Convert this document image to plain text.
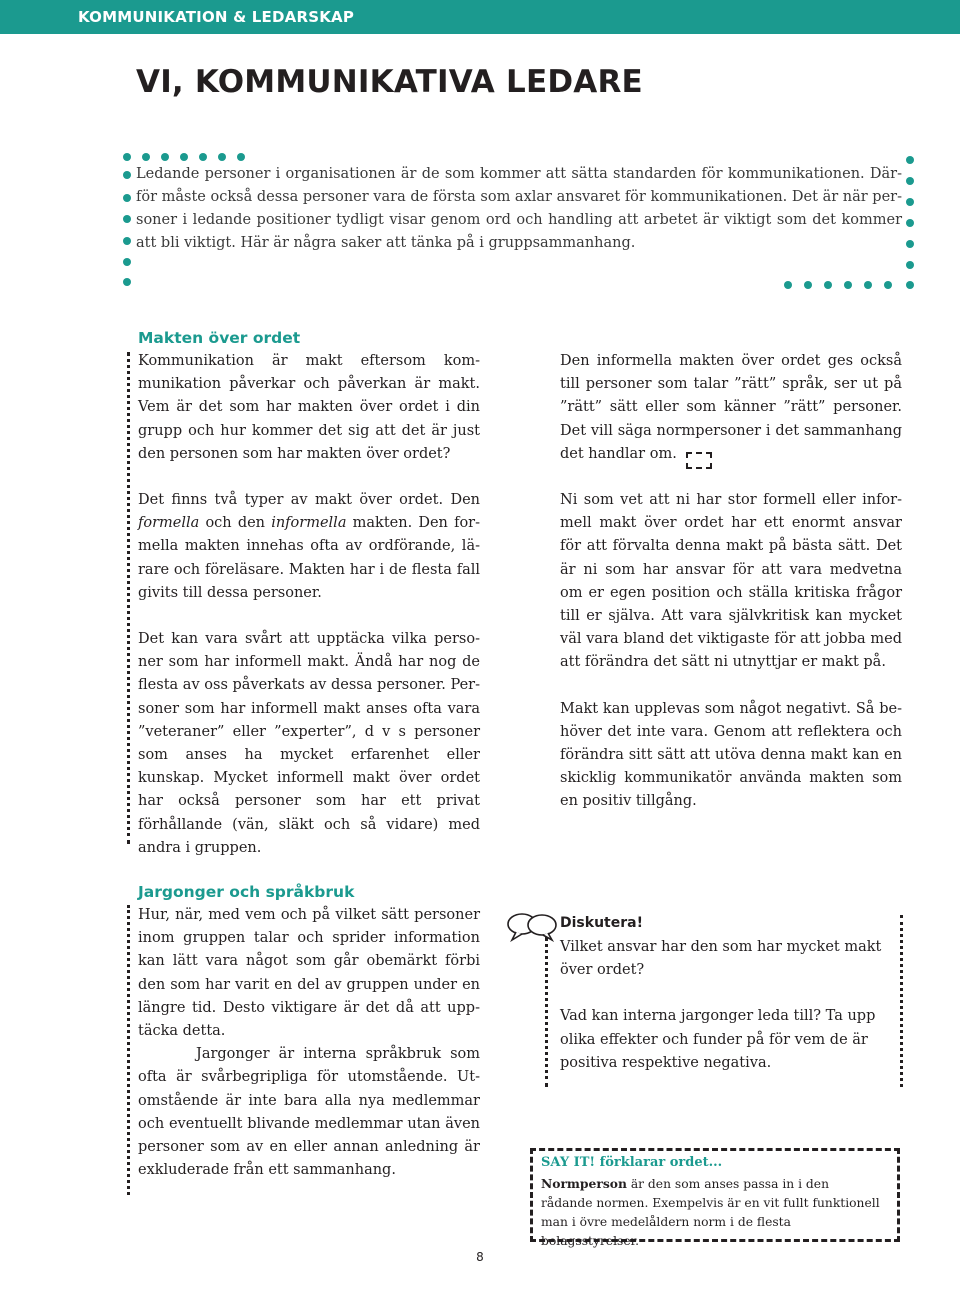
KOMMUNIKATION & LEDARSKAP
VI, KOMMUNIKATIVA LEDARE

Ledande personer i organisationen är de som kommer att sätta standarden för kommunikationen. Där-för måste också dessa personer vara de första som axlar ansvaret för kommunikationen. Det är när per-soner i ledande positioner tydligt visar genom ord och handling att arbetet är viktigt som det kommer att bli viktigt. Här är några saker att tänka på i gruppsammanhang.

Makten över ordet

Kommunikation är makt eftersom kom-munikation påverkar och påverkan är makt. Vem är det som har makten över ordet i din grupp och hur kommer det sig att det är just den personen som har makten över ordet?

Det finns två typer av makt över ordet. Den formella och den informella makten. Den for-mella makten innehas ofta av ordförande, lä-rare och föreläsare. Makten har i de flesta fall givits till dessa personer.

Det kan vara svårt att upptäcka vilka perso-ner som har informell makt. Ändå har nog de flesta av oss påverkats av dessa personer. Per-soner som har informell makt anses ofta vara ”veteraner” eller ”experter”, d v s personer som anses ha mycket erfarenhet eller kunskap. Mycket informell makt över ordet har också personer som har ett privat förhållande (vän, släkt och så vidare) med andra i gruppen.

Den informella makten över ordet ges också till personer som talar ”rätt” språk, ser ut på ”rätt” sätt eller som känner ”rätt” personer. Det vill säga normpersoner i det sammanhang det handlar om.

Ni som vet att ni har stor formell eller infor-mell makt över ordet har ett enormt ansvar för att förvalta denna makt på bästa sätt. Det är ni som har ansvar för att vara medvetna om er egen position och ställa kritiska frågor till er själva. Att vara självkritisk kan mycket väl vara bland det viktigaste för att jobba med att förändra det sätt ni utnyttjar er makt på.

Makt kan upplevas som något negativt. Så be-höver det inte vara. Genom att reflektera och förändra sitt sätt att utöva denna makt kan en skicklig kommunikatör använda makten som en positiv tillgång.

Jargonger och språkbruk

Hur, när, med vem och på vilket sätt personer inom gruppen talar och sprider information kan lätt vara något som går obemärkt förbi den som har varit en del av gruppen under en längre tid. Desto viktigare är det då att upp-täcka detta.

Jargonger är interna språkbruk som ofta är svårbegripliga för utomstående. Ut-omstående är inte bara alla nya medlemmar och eventuellt blivande medlemmar utan även personer som av en eller annan anledning är exkluderade från ett sammanhang.

Diskutera!

Vilket ansvar har den som har mycket makt över ordet?

Vad kan interna jargonger leda till? Ta upp olika effekter och funder på för vem de är positiva respektive negativa.

SAY IT! förklarar ordet...

Normperson är den som anses passa in i den rådande normen. Exempelvis är en vit fullt funktionell man i övre medelåldern norm i de flesta bolagsstyrelser.

8
